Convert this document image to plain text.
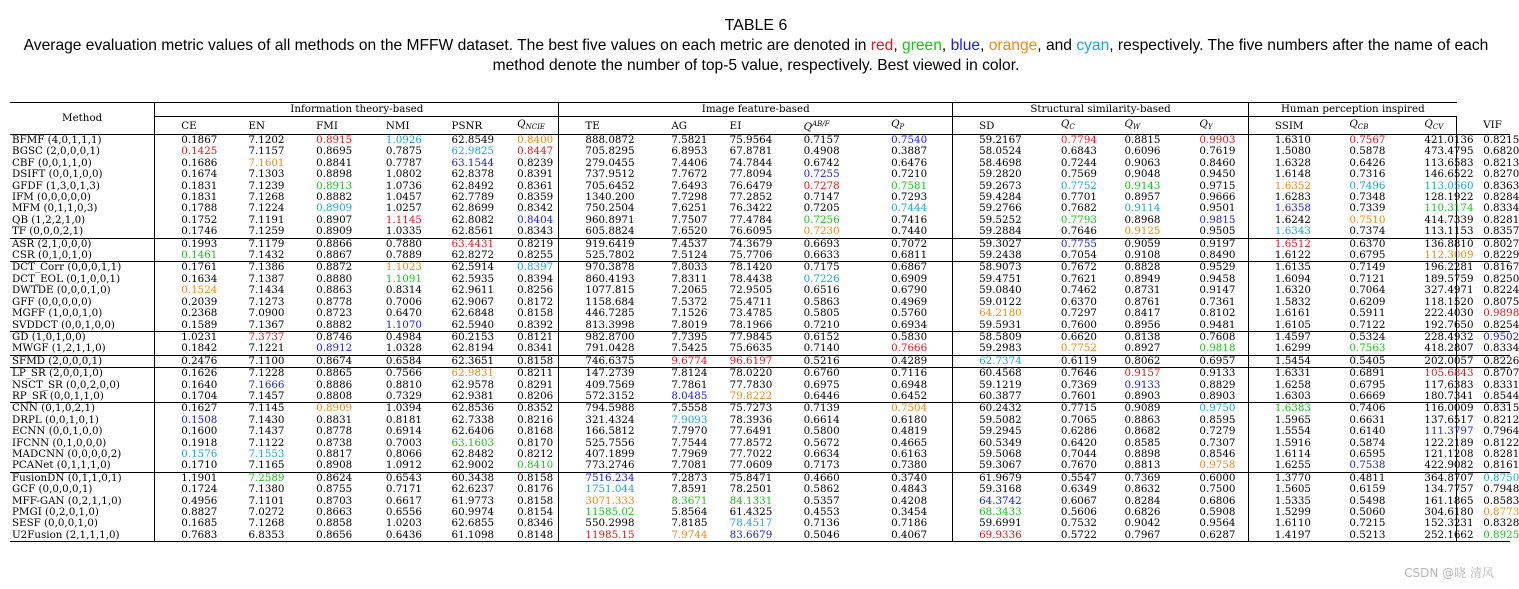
TABLE 6
Average evaluation metric values of all methods on the MFFW dataset. The best five values on each metric are denoted in red, green, blue, orange, and cyan, respectively. The five numbers after the name of each method denote the number of top-5 value, respectively. Best viewed in color.
Method	Information theory-based						Image feature-based					Structural similarity-based				Human perception inspired			
	CE	EN	FMI	NMI	PSNR	$Q_{NCIE}$	TE	AG	EI	$Q^{AB/F}$	$Q_P$	SD	$Q_C$	$Q_W$	$Q_Y$	SSIM	$Q_{CB}$	$Q_{CV}$	VIF
BFMF (4,0,1,1,1)	0.1867	7.1202	0.8915	1.0926	62.8549	0.8400	888.0872	7.5821	75.9564	0.7157	0.7540	59.2167	0.7794	0.8815	0.9903	1.6310	0.7567	421.0136	0.8215
BGSC (2,0,0,0,1)	0.1425	7.1157	0.8695	0.7875	62.9825	0.8447	705.8295	6.8953	67.8781	0.4908	0.3887	58.0524	0.6843	0.6096	0.7619	1.5080	0.5878	473.4795	0.6820
CBF (0,0,1,1,0)	0.1686	7.1601	0.8841	0.7787	63.1544	0.8239	279.0455	7.4406	74.7844	0.6742	0.6476	58.4698	0.7244	0.9063	0.8460	1.6328	0.6426	113.6583	0.8213
DSIFT (0,0,1,0,0)	0.1674	7.1303	0.8898	1.0802	62.8378	0.8391	737.9512	7.7672	77.8094	0.7255	0.7210	59.2820	0.7569	0.9048	0.9450	1.6148	0.7316	146.6522	0.8270
GFDF (1,3,0,1,3)	0.1831	7.1239	0.8913	1.0736	62.8492	0.8361	705.6452	7.6493	76.6479	0.7278	0.7581	59.2673	0.7752	0.9143	0.9715	1.6352	0.7496	113.0560	0.8363
IFM (0,0,0,0,0)	0.1831	7.1268	0.8882	1.0457	62.7789	0.8359	1340.200	7.7298	77.2852	0.7147	0.7293	59.4284	0.7701	0.8957	0.9666	1.6283	0.7348	128.1922	0.8284
MFM (0,1,1,0,3)	0.1788	7.1224	0.8909	1.0257	62.8699	0.8342	750.2504	7.6251	76.3422	0.7205	0.7444	59.2766	0.7682	0.9114	0.9501	1.6358	0.7339	110.3174	0.8334
QB (1,2,2,1,0)	0.1752	7.1191	0.8907	1.1145	62.8082	0.8404	960.8971	7.7507	77.4784	0.7256	0.7416	59.5252	0.7793	0.8968	0.9815	1.6242	0.7510	414.7339	0.8281
TF (0,0,0,2,1)	0.1746	7.1259	0.8909	1.0335	62.8561	0.8343	605.8824	7.6520	76.6095	0.7230	0.7440	59.2884	0.7646	0.9125	0.9505	1.6343	0.7374	113.1153	0.8357
ASR (2,1,0,0,0)	0.1993	7.1179	0.8866	0.7880	63.4431	0.8219	919.6419	7.4537	74.3679	0.6693	0.7072	59.3027	0.7755	0.9059	0.9197	1.6512	0.6370	136.8810	0.8027
CSR (0,1,0,1,0)	0.1461	7.1432	0.8867	0.7889	62.8272	0.8255	525.7802	7.5124	75.7706	0.6633	0.6811	59.2438	0.7054	0.9108	0.8490	1.6122	0.6795	112.3009	0.8229
DCT_Corr (0,0,0,1,1)	0.1761	7.1386	0.8872	1.1023	62.5914	0.8397	970.3878	7.8033	78.1420	0.7175	0.6867	58.9073	0.7672	0.8828	0.9529	1.6135	0.7149	196.2281	0.8167
DCT_EOL (0,1,0,0,1)	0.1634	7.1387	0.8880	1.1091	62.5935	0.8394	860.4193	7.8311	78.4438	0.7226	0.6909	59.4751	0.7621	0.8949	0.9458	1.6094	0.7121	189.5759	0.8250
DWTDE (0,0,0,1,0)	0.1524	7.1434	0.8863	0.8314	62.9611	0.8256	1077.815	7.2065	72.9505	0.6516	0.6790	59.0840	0.7462	0.8731	0.9147	1.6320	0.7064	327.4971	0.8224
GFF (0,0,0,0,0)	0.2039	7.1273	0.8778	0.7006	62.9067	0.8172	1158.684	7.5372	75.4711	0.5863	0.4969	59.0122	0.6370	0.8761	0.7361	1.5832	0.6209	118.1520	0.8075
MGFF (1,0,0,1,0)	0.2368	7.0900	0.8723	0.6470	62.6848	0.8158	446.7285	7.1526	73.4785	0.5805	0.5760	64.2180	0.7297	0.8417	0.8102	1.6161	0.5911	222.4030	0.9898
SVDDCT (0,0,1,0,0)	0.1589	7.1367	0.8882	1.1070	62.5940	0.8392	813.3998	7.8019	78.1966	0.7210	0.6934	59.5931	0.7600	0.8956	0.9481	1.6105	0.7122	192.7650	0.8254
GD (1,0,1,0,0)	1.0231	7.3737	0.8746	0.4984	60.2153	0.8121	982.8700	7.7395	77.9845	0.6152	0.5830	58.5809	0.6620	0.8138	0.7608	1.4597	0.5324	228.4932	0.9502
MWGF (1,2,1,1,0)	0.1842	7.1221	0.8912	1.0328	62.8194	0.8341	791.0428	7.5425	75.6635	0.7140	0.7666	59.2983	0.7752	0.8927	0.9818	1.6299	0.7563	418.2807	0.8334
SFMD (2,0,0,0,1)	0.2476	7.1100	0.8674	0.6584	62.3651	0.8158	746.6375	9.6774	96.6197	0.5216	0.4289	62.7374	0.6119	0.8062	0.6957	1.5454	0.5405	202.0057	0.8226
LP_SR (2,0,0,1,0)	0.1626	7.1228	0.8865	0.7566	62.9831	0.8211	147.2739	7.8124	78.0220	0.6760	0.7116	60.4568	0.7646	0.9157	0.9133	1.6331	0.6891	105.6843	0.8707
NSCT_SR (0,0,2,0,0)	0.1640	7.1666	0.8886	0.8810	62.9578	0.8291	409.7569	7.7861	77.7830	0.6975	0.6948	59.1219	0.7369	0.9133	0.8829	1.6258	0.6795	117.6383	0.8331
RP_SR (0,0,1,1,0)	0.1704	7.1457	0.8808	0.7329	62.9381	0.8206	572.3152	8.0485	79.8222	0.6446	0.6452	60.3877	0.7601	0.8903	0.8903	1.6303	0.6669	180.7341	0.8544
CNN (0,1,0,2,1)	0.1627	7.1145	0.8909	1.0394	62.8536	0.8352	794.5988	7.5558	75.7273	0.7139	0.7504	60.2432	0.7715	0.9089	0.9750	1.6383	0.7406	116.0009	0.8315
DRPL (0,0,1,0,1)	0.1508	7.1430	0.8831	0.8181	62.7338	0.8216	321.4324	7.9093	78.3936	0.6614	0.6180	59.5082	0.7065	0.8863	0.8595	1.5965	0.6631	137.6517	0.8212
ECNN (0,0,1,0,0)	0.1600	7.1437	0.8778	0.6914	62.6406	0.8168	166.5812	7.7970	77.6491	0.5800	0.4819	59.2945	0.6286	0.8682	0.7279	1.5554	0.6140	111.3797	0.7964
IFCNN (0,1,0,0,0)	0.1918	7.1122	0.8738	0.7003	63.1603	0.8170	525.7556	7.7544	77.8572	0.5672	0.4665	60.5349	0.6420	0.8585	0.7307	1.5916	0.5874	122.2189	0.8122
MADCNN (0,0,0,0,2)	0.1576	7.1553	0.8817	0.8066	62.8482	0.8212	407.1899	7.7969	77.7022	0.6634	0.6163	59.5068	0.7044	0.8898	0.8546	1.6114	0.6595	121.1208	0.8281
PCANet (0,1,1,1,0)	0.1710	7.1165	0.8908	1.0912	62.9002	0.8410	773.2746	7.7081	77.0609	0.7173	0.7380	59.3067	0.7670	0.8813	0.9758	1.6255	0.7538	422.9082	0.8161
FusionDN (0,1,1,0,1)	1.1901	7.2589	0.8624	0.6543	60.3438	0.8158	7516.234	7.2873	75.8471	0.4660	0.3740	61.9679	0.5547	0.7369	0.6000	1.3770	0.4811	364.8707	0.8750
GCF (0,0,0,0,1)	0.1724	7.1380	0.8755	0.7171	62.6237	0.8176	1751.044	7.8591	78.2501	0.5862	0.4843	59.3168	0.6349	0.8632	0.7500	1.5605	0.6159	134.7757	0.7948
MFF-GAN (0,2,1,1,0)	0.4956	7.1101	0.8703	0.6617	61.9773	0.8158	3071.333	8.3671	84.1331	0.5357	0.4208	64.3742	0.6067	0.8284	0.6806	1.5335	0.5498	161.1865	0.8583
PMGI (0,2,0,1,0)	0.8827	7.0272	0.8663	0.6556	60.9974	0.8154	11585.02	5.8564	61.4325	0.4553	0.3454	68.3433	0.5606	0.6826	0.5908	1.5299	0.5060	304.6180	0.8773
SESF (0,0,0,1,0)	0.1685	7.1268	0.8858	1.0203	62.6855	0.8346	550.2998	7.8185	78.4517	0.7136	0.7186	59.6991	0.7532	0.9042	0.9564	1.6110	0.7215	152.3231	0.8328
U2Fusion (2,1,1,1,0)	0.7683	6.8353	0.8656	0.6436	61.1098	0.8148	11985.15	7.9744	83.6679	0.5046	0.4067	69.9336	0.5722	0.7967	0.6287	1.4197	0.5213	252.1662	0.8925
CSDN @晓 清风
